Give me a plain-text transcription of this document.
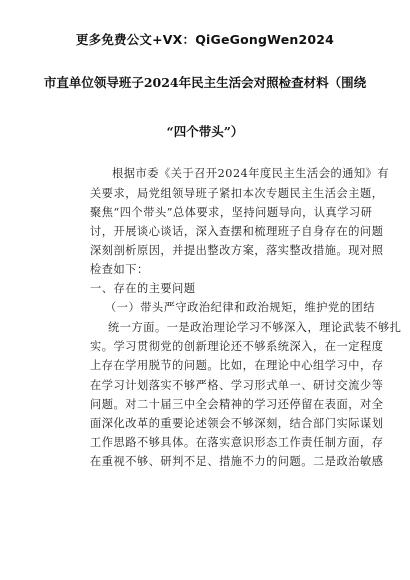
更多免费公文+VX：QiGeGongWen2024
市直单位领导班子2024年民主生活会对照检查材料（围绕
“四个带头”）
根据市委《关于召开2024年度民主生活会的通知》有
关要求，局党组领导班子紧扣本次专题民主生活会主题，
聚焦“四个带头”总体要求，坚持问题导向，认真学习研
讨，开展谈心谈话，深入查摆和梳理班子自身存在的问题
深刻剖析原因，并提出整改方案，落实整改措施。现对照
检查如下：
一、存在的主要问题
（一）带头严守政治纪律和政治规矩，维护党的团结
统一方面。一是政治理论学习不够深入，理论武装不够扎
实。学习贯彻党的创新理论还不够系统深入，在一定程度
上存在学用脱节的问题。比如，在理论中心组学习中，存
在学习计划落实不够严格、学习形式单一、研讨交流少等
问题。对二十届三中全会精神的学习还停留在表面，对全
面深化改革的重要论述领会不够深刻，结合部门实际谋划
工作思路不够具体。在落实意识形态工作责任制方面，存
在重视不够、研判不足、措施不力的问题。二是政治敏感
